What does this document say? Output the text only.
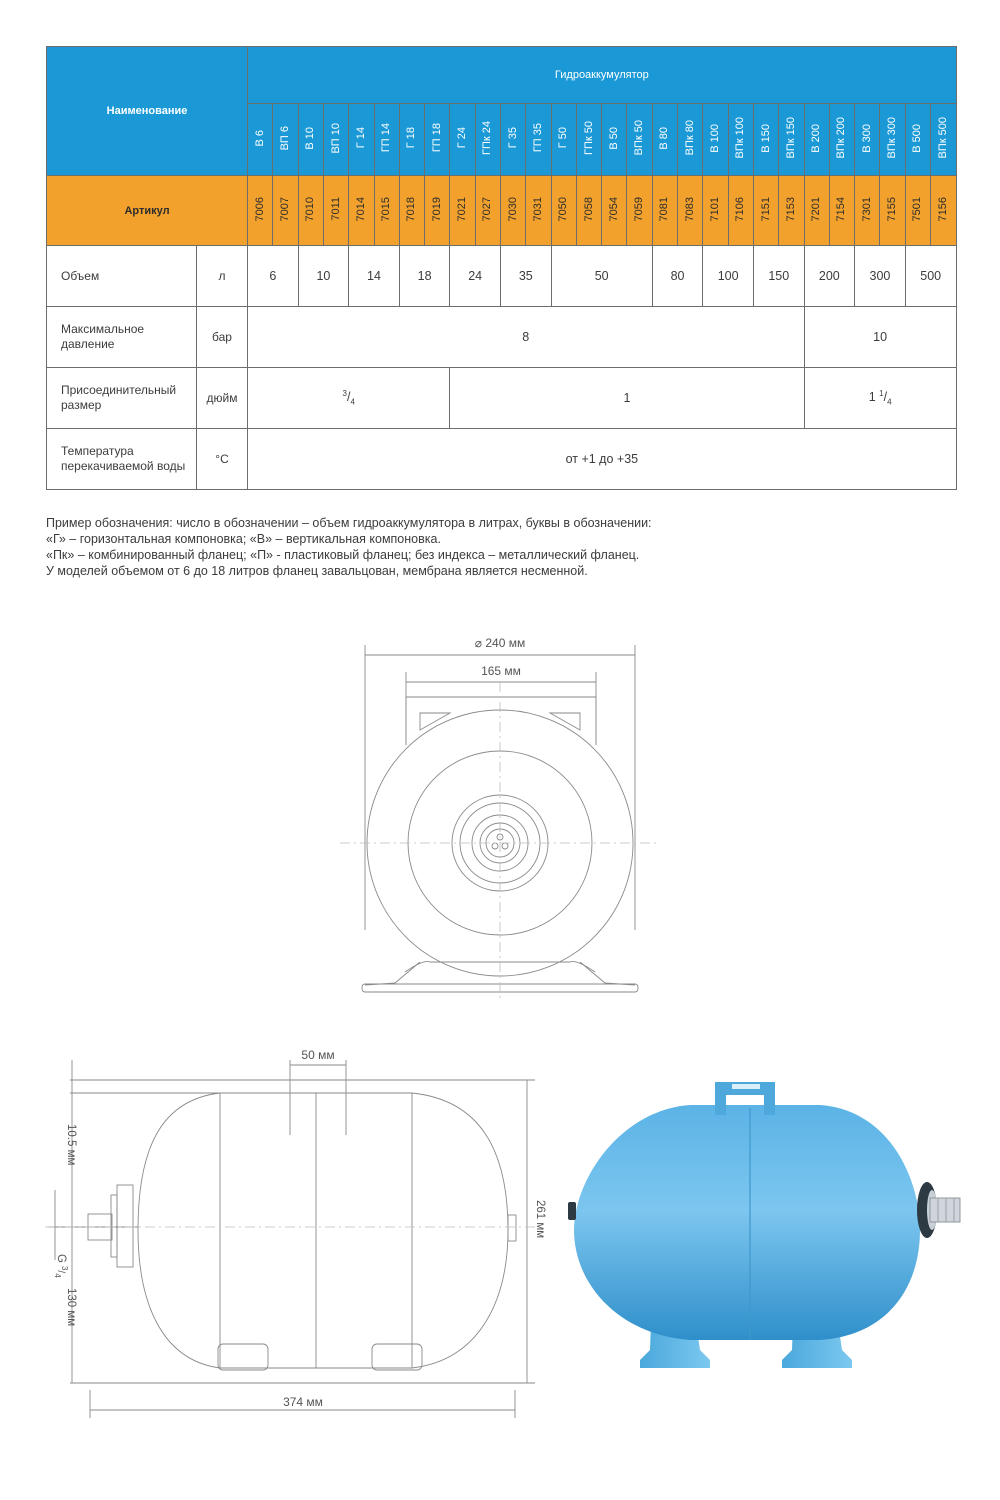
Наименование		Гидроаккумулятор																											
		В 6	ВП 6	В 10	ВП 10	Г 14	ГП 14	Г 18	ГП 18	Г 24	ГПк 24	Г 35	ГП 35	Г 50	ГПк 50	В 50	ВПк 50	В 80	ВПк 80	В 100	ВПк 100	В 150	ВПк 150	В 200	ВПк 200	В 300	ВПк 300	В 500	ВПк 500
Артикул		7006	7007	7010	7011	7014	7015	7018	7019	7021	7027	7030	7031	7050	7058	7054	7059	7081	7083	7101	7106	7151	7153	7201	7154	7301	7155	7501	7156
Объем	л	6		10		14		18		24		35		50				80		100		150		200		300		500	
Максимальное
давление	бар	8																						10					
Присоединительный
размер	дюйм	$^3/_4$								1														1 $^1/_4$
Температура
перекачиваемой воды	°С	от +1 до +35																											
Пример обозначения: число в обозначении – объем гидроаккумулятора в литрах, буквы в обозначении:
«Г» – горизонтальная компоновка; «В» – вертикальная компоновка.
«Пк» – комбинированный фланец; «П» - пластиковый фланец; без индекса – металлический фланец.
У моделей объемом от 6 до 18 литров фланец завальцован, мембрана является несменной.
⌀ 240 мм
165 мм
50 мм
10.5 мм
261 мм
$G^3/_4$
130 мм
374 мм
